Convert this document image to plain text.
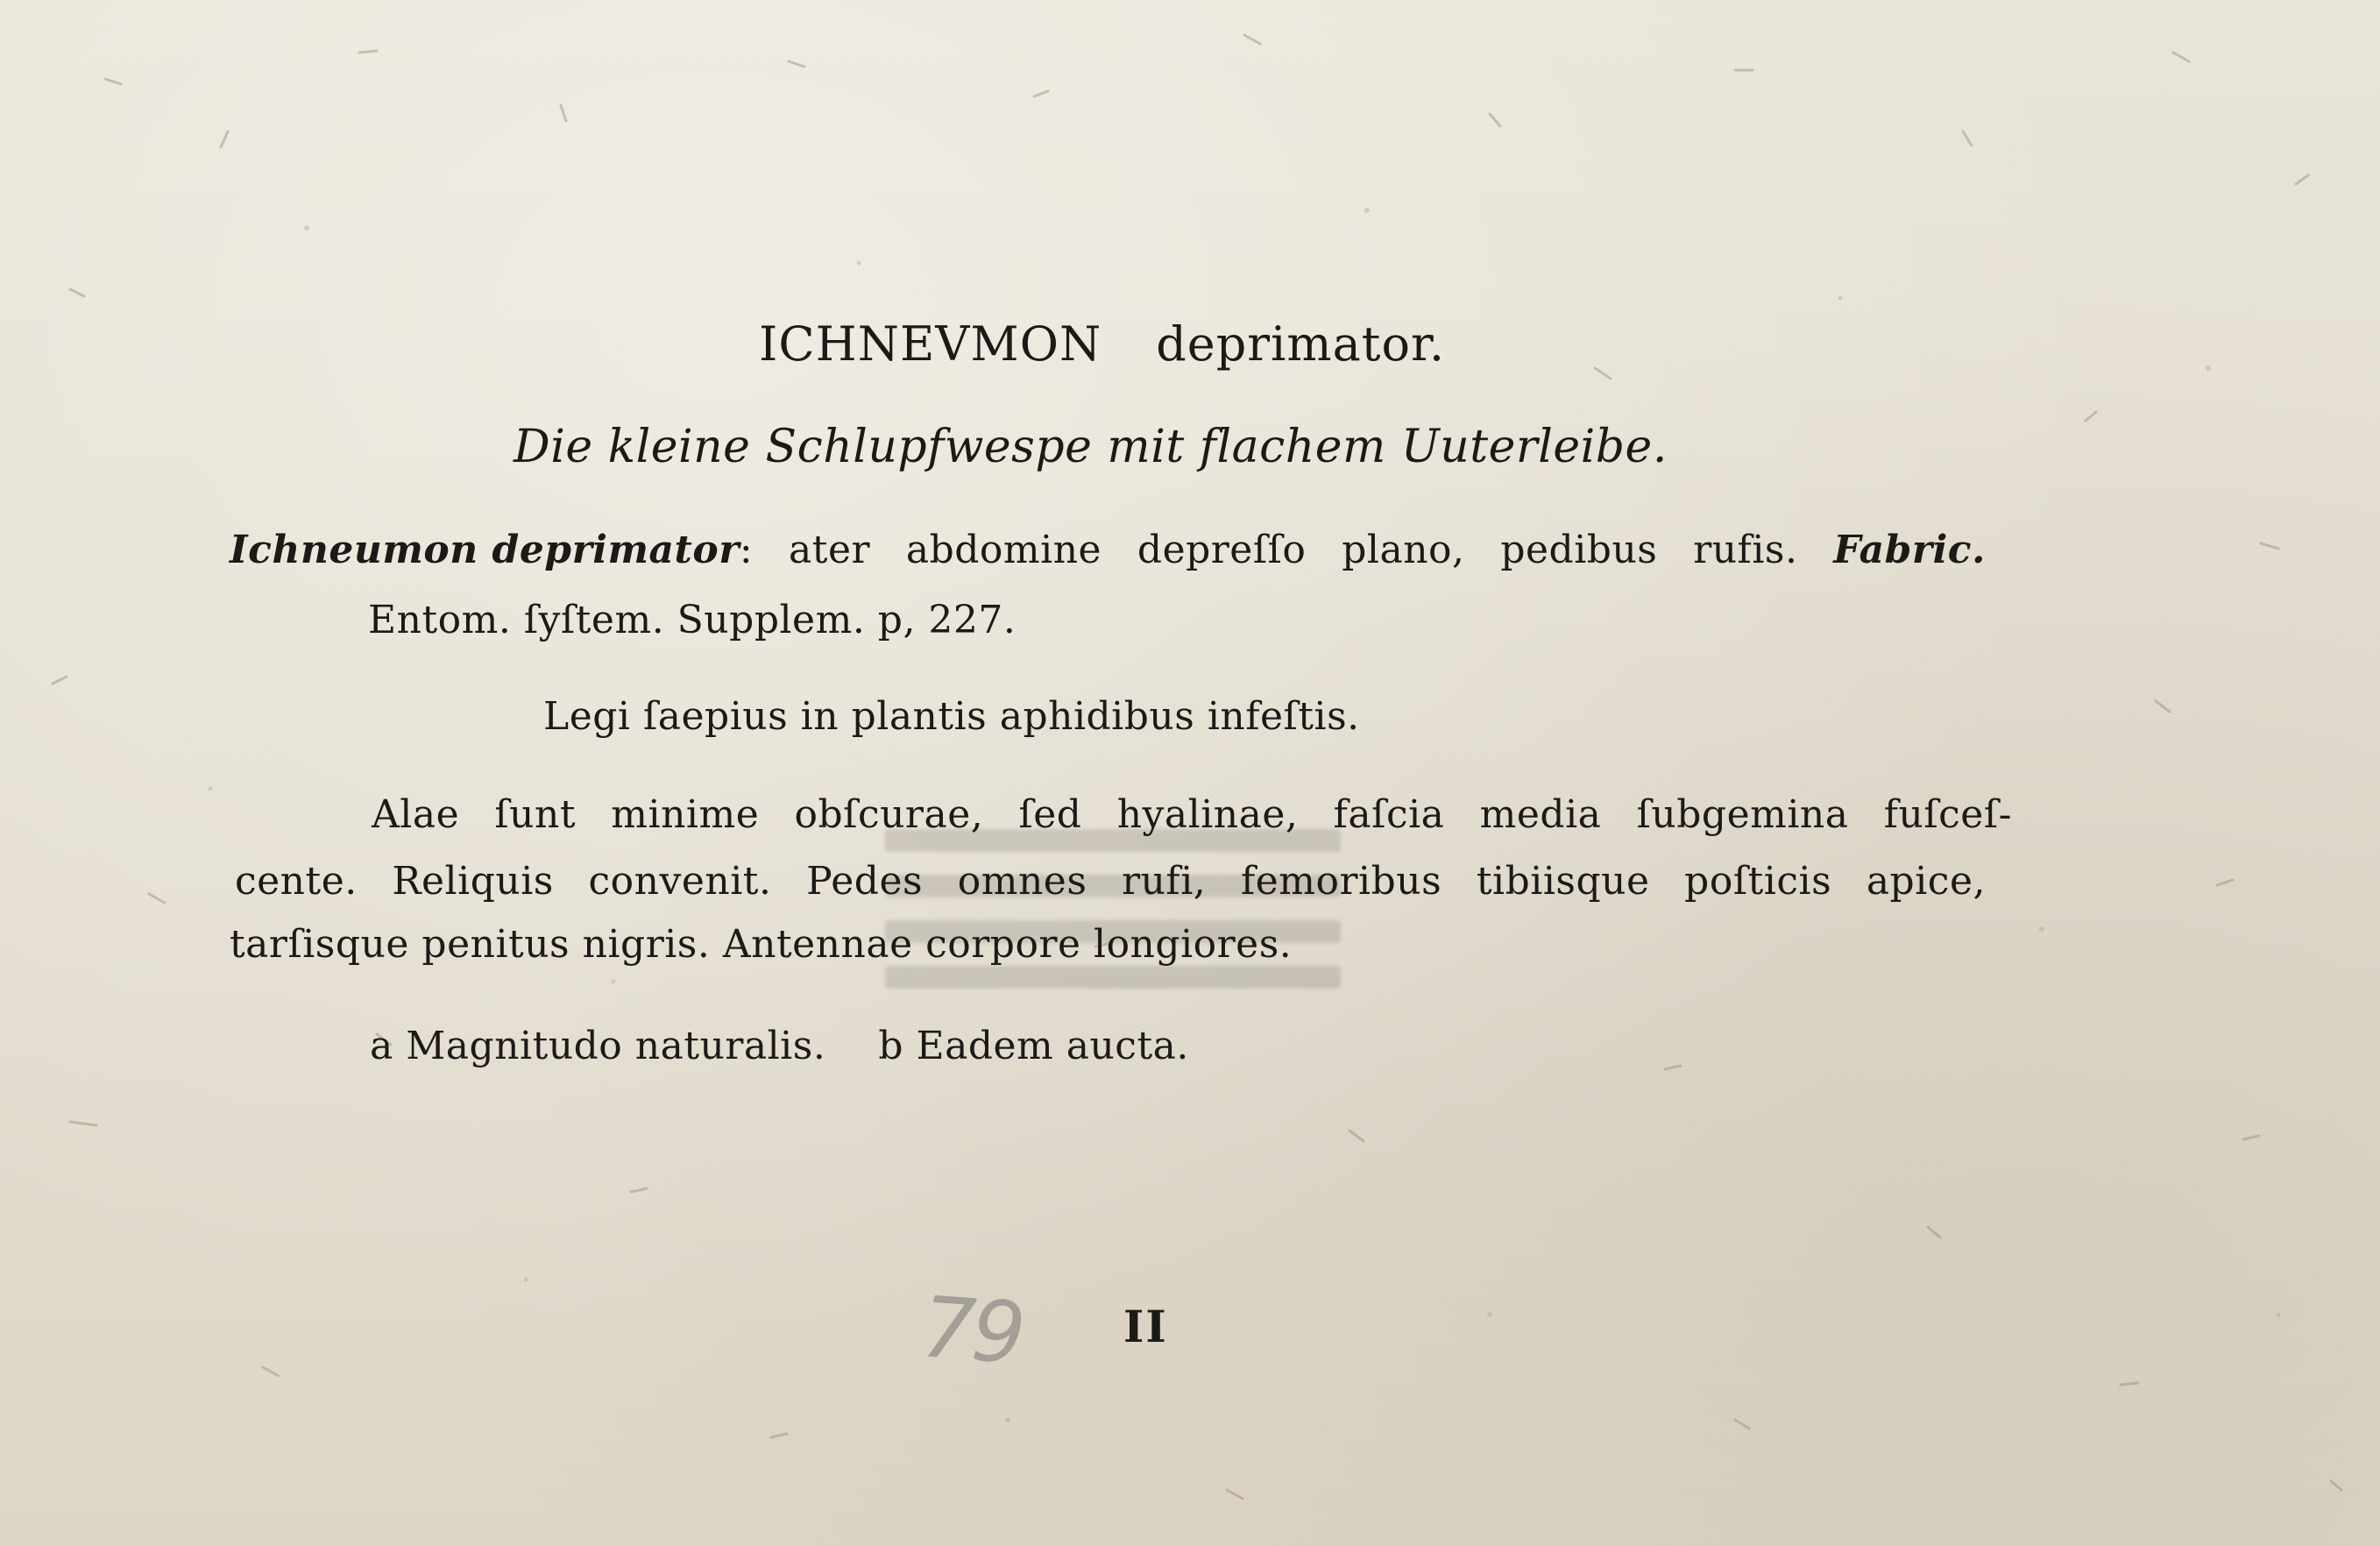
ICHNEVMON deprimator.
Die kleine Schlupfwespe mit flachem Uuterleibe.
Ichneumon deprimator: ater abdomine depreſſo plano, pedibus rufis. Fabric.
Entom. ſyſtem. Supplem. p, 227.
Legi ſaepius in plantis aphidibus infeſtis.
Alae ſunt minime obſcurae, ſed hyalinae, faſcia media ſubgemina fuſceſ-
cente. Reliquis convenit. Pedes omnes rufi, femoribus tibiisque poſticis apice,
tarſisque penitus nigris. Antennae corpore longiores.
a Magnitudo naturalis. b Eadem aucta.
79 II
